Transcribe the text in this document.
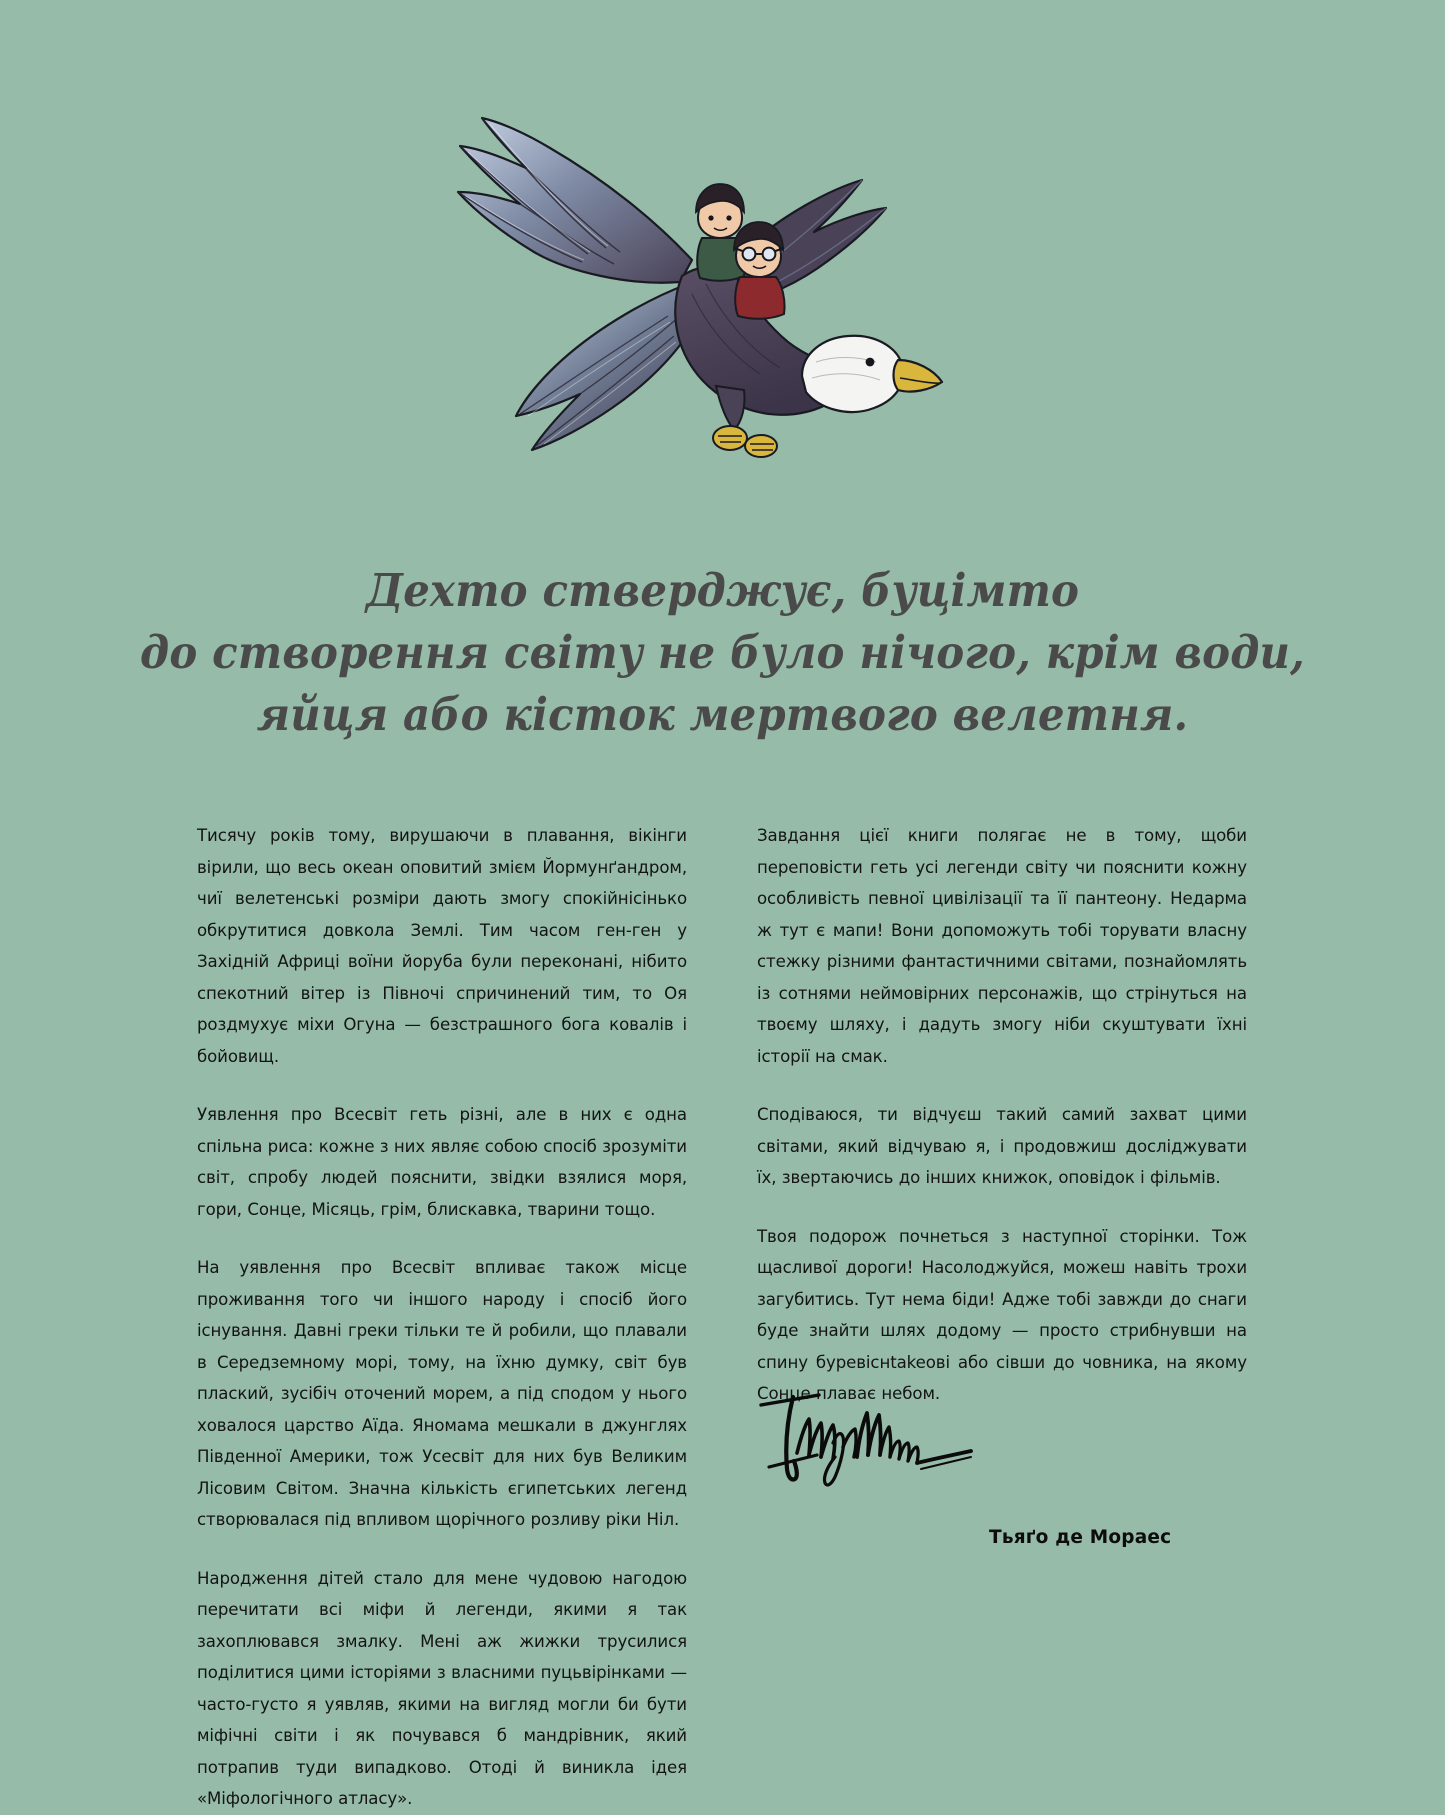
Дехто стверджує, буцімто
до створення світу не було нічого, крім води,
яйця або кісток мертвого велетня.

Тисячу років тому, вирушаючи в плавання, вікінги вірили, що весь океан оповитий змієм Йормунґандром, чиї велетенські розміри дають змогу спокійнісінько обкрутитися довкола Землі. Тим часом ген-ген у Західній Африці воїни йоруба були переконані, нібито спекотний вітер із Півночі спричинений тим, то Оя роздмухує міхи Огуна — безстрашного бога ковалів і бойовищ.

Уявлення про Всесвіт геть різні, але в них є одна спільна риса: кожне з них являє собою спосіб зрозуміти світ, спробу людей пояснити, звідки взялися моря, гори, Сонце, Місяць, грім, блискавка, тварини тощо.

На уявлення про Всесвіт впливає також місце проживання того чи іншого народу і спосіб його існування. Давні греки тільки те й робили, що плавали в Середземному морі, тому, на їхню думку, світ був плаский, зусібіч оточений морем, а під сподом у нього ховалося царство Аїда. Яномама мешкали в джунглях Південної Америки, тож Усесвіт для них був Великим Лісовим Світом. Значна кількість єгипетських легенд створювалася під впливом щорічного розливу ріки Ніл.

Народження дітей стало для мене чудовою нагодою перечитати всі міфи й легенди, якими я так захоплювався змалку. Мені аж жижки трусилися поділитися цими історіями з власними пуцьвірінками — часто-густо я уявляв, якими на вигляд могли би бути міфічні світи і як почувався б мандрівник, який потрапив туди випадково. Отоді й виникла ідея «Міфологічного атласу».

Завдання цієї книги полягає не в тому, щоби переповісти геть усі легенди світу чи пояснити кожну особливість певної цивілізації та її пантеону. Недарма ж тут є мапи! Вони допоможуть тобі торувати власну стежку різними фантастичними світами, познайомлять із сотнями неймовірних персонажів, що стрінуться на твоєму шляху, і дадуть змогу ніби скуштувати їхні історії на смак.

Сподіваюся, ти відчуєш такий самий захват цими світами, який відчуваю я, і продовжиш досліджувати їх, звертаючись до інших книжок, оповідок і фільмів.

Твоя подорож почнеться з наступної сторінки. Тож щасливої дороги! Насолоджуйся, можеш навіть трохи загубитись. Тут нема біди! Адже тобі завжди до снаги буде знайти шлях додому — просто стрибнувши на спину буревіснtakeові або сівши до човника, на якому Сонце плаває небом.

Тьяґо де Мораес
